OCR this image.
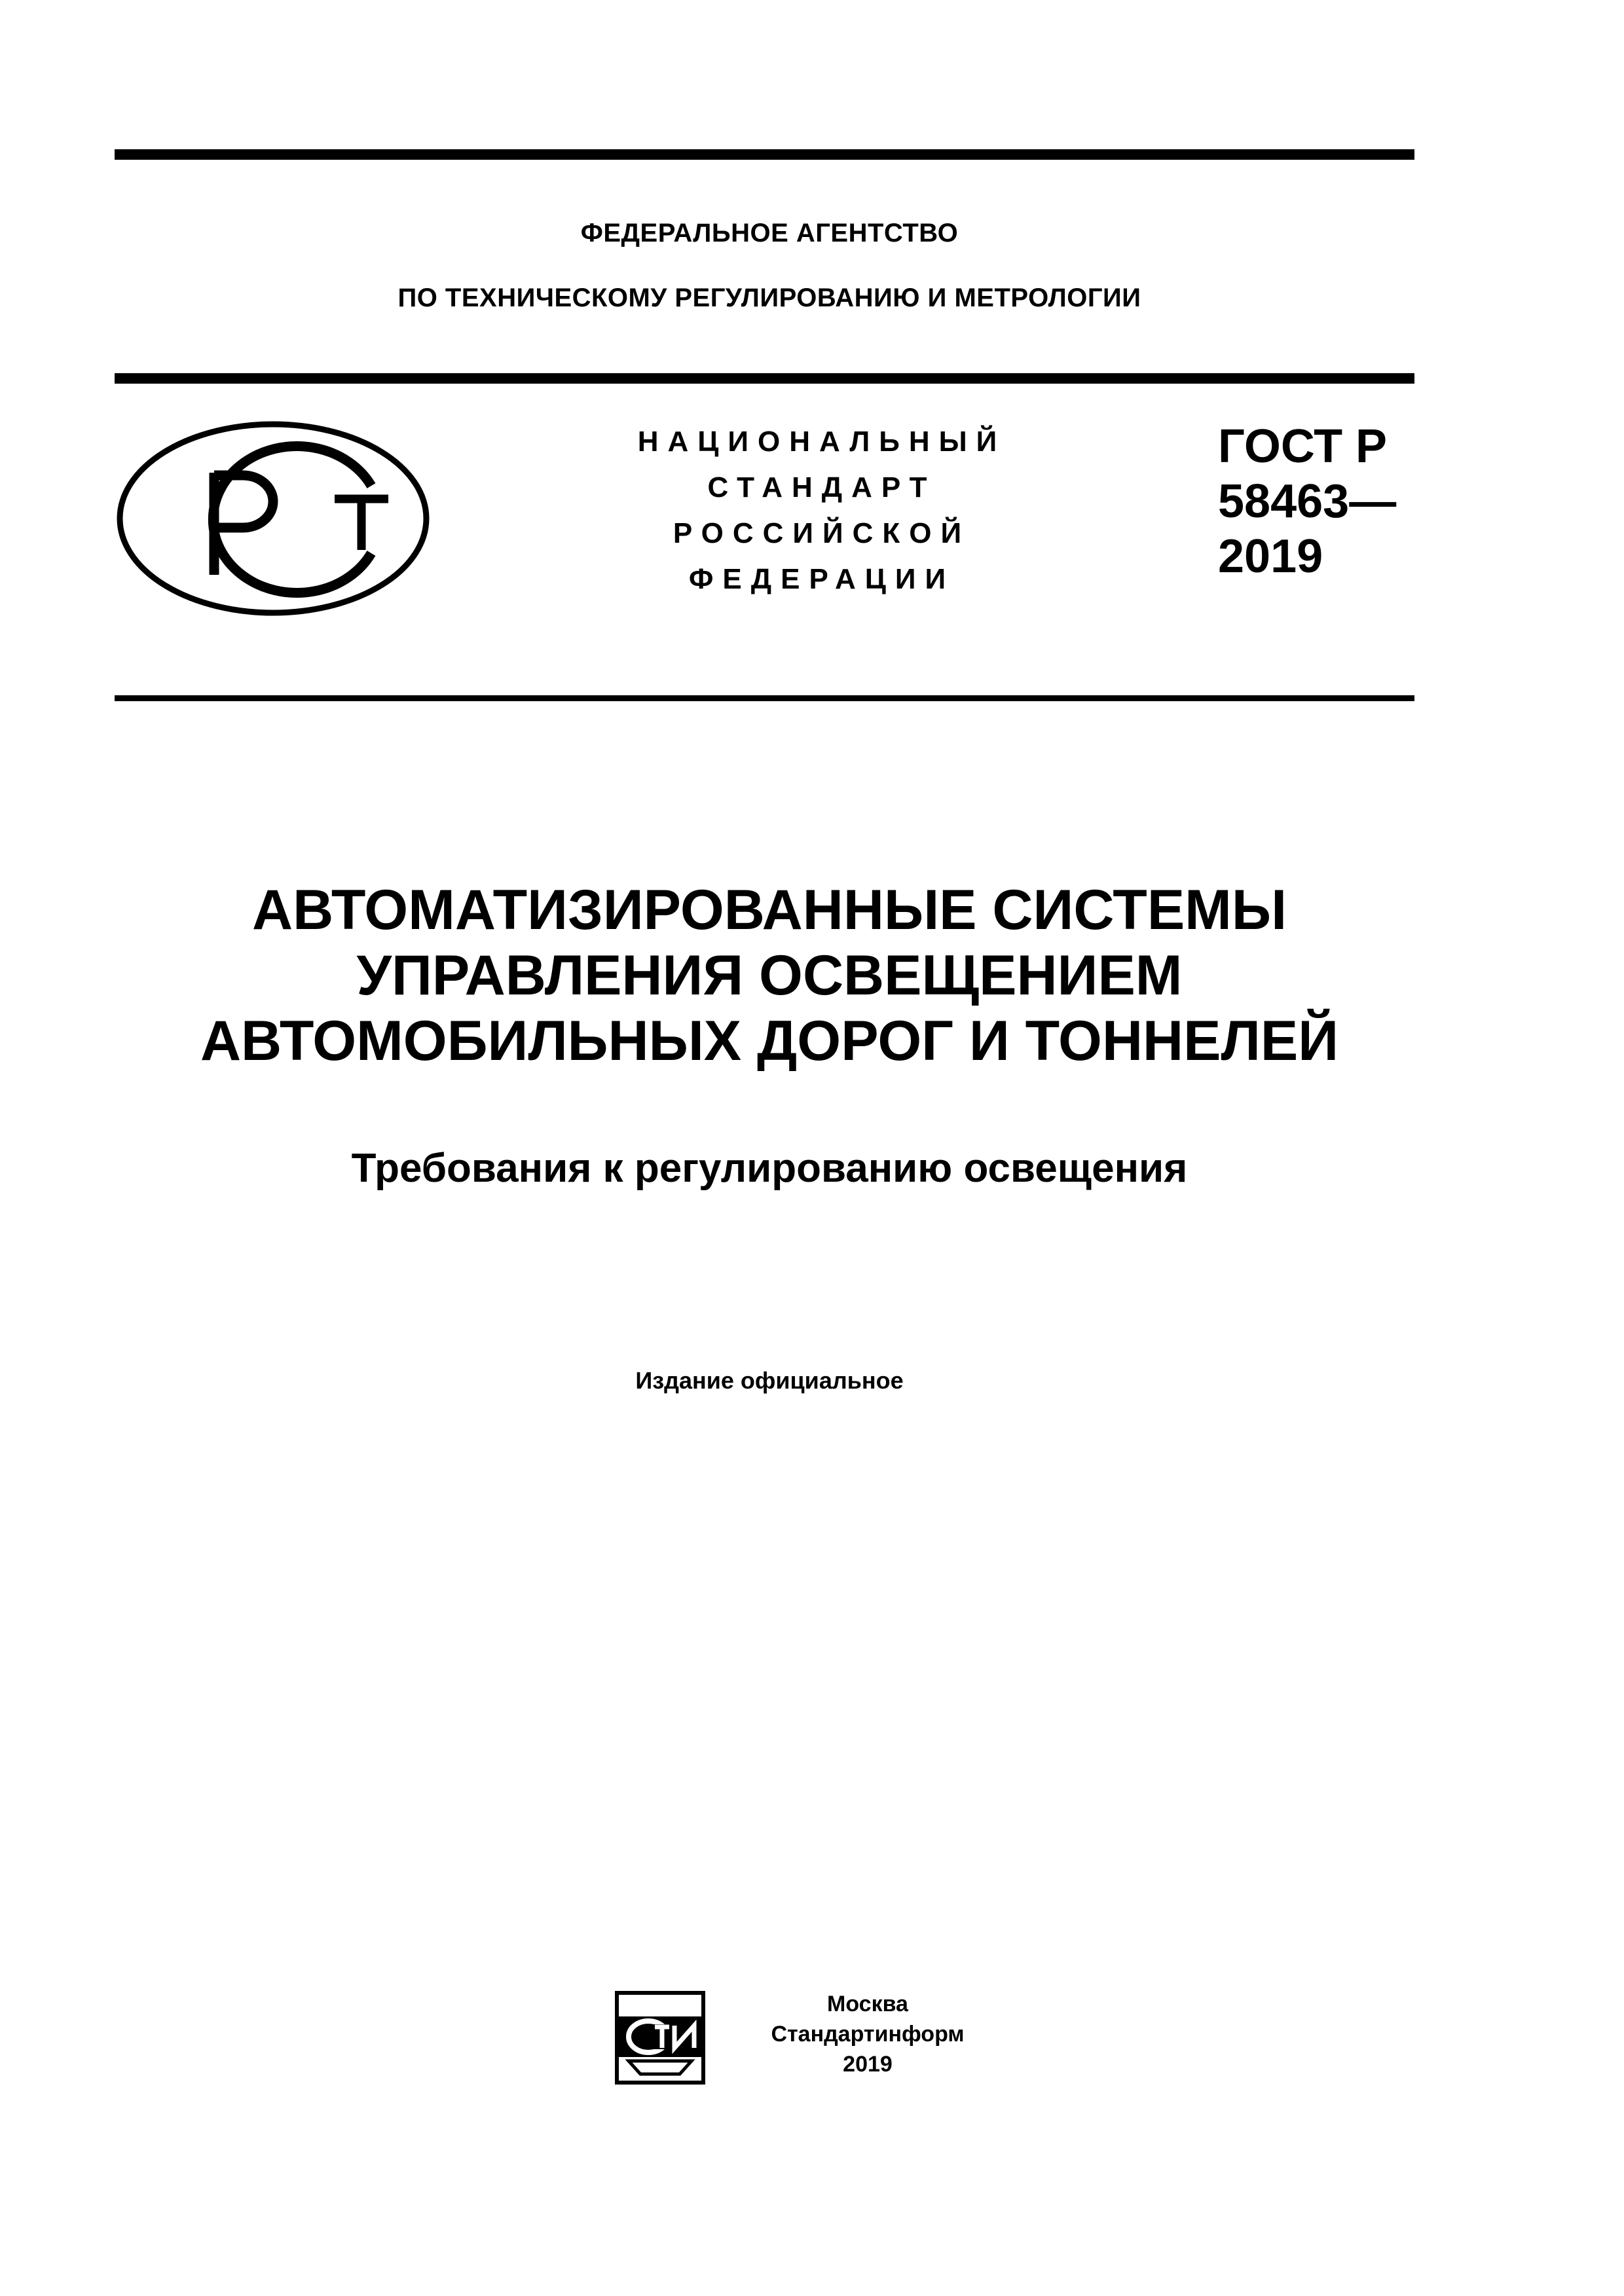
ФЕДЕРАЛЬНОЕ АГЕНТСТВО
ПО ТЕХНИЧЕСКОМУ РЕГУЛИРОВАНИЮ И МЕТРОЛОГИИ
НАЦИОНАЛЬНЫЙ
СТАНДАРТ
РОССИЙСКОЙ
ФЕДЕРАЦИИ
ГОСТ Р
58463—
2019
АВТОМАТИЗИРОВАННЫЕ СИСТЕМЫ
УПРАВЛЕНИЯ ОСВЕЩЕНИЕМ
АВТОМОБИЛЬНЫХ ДОРОГ И ТОННЕЛЕЙ
Требования к регулированию освещения
Издание официальное
Москва
Стандартинформ
2019
